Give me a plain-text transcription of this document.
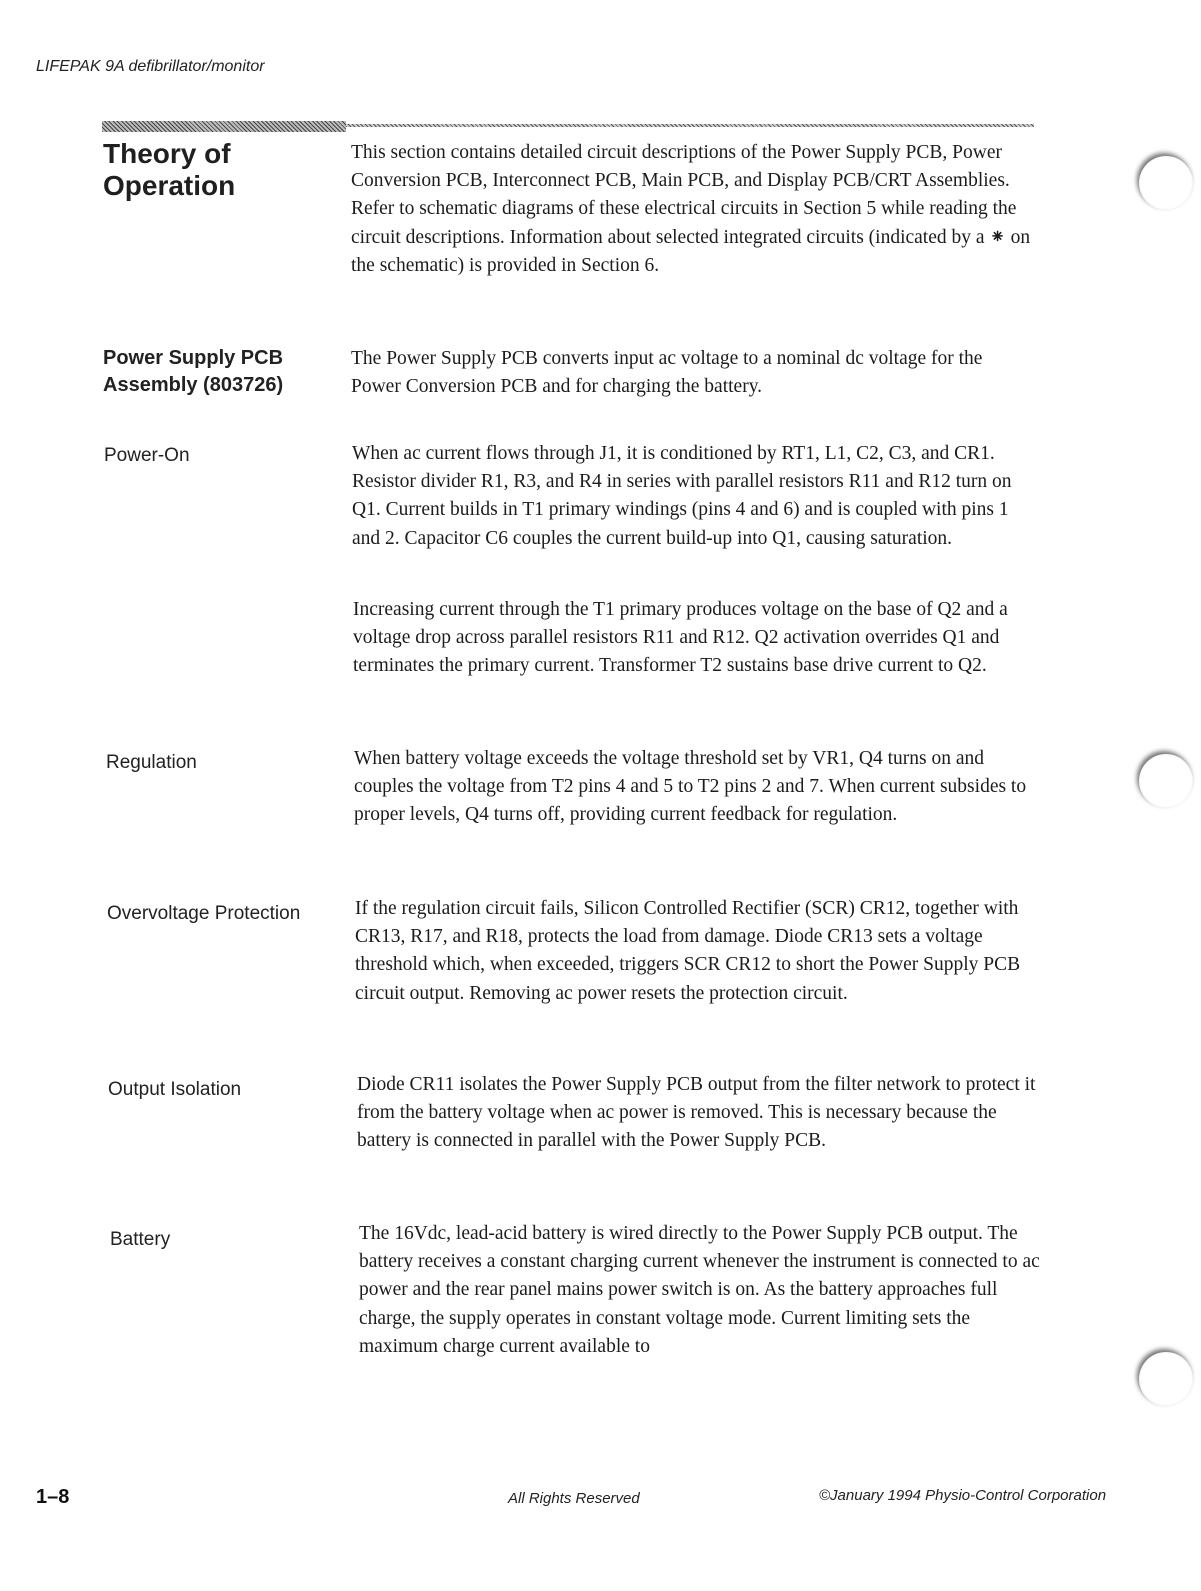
LIFEPAK 9A defibrillator/monitor
Theory of Operation

This section contains detailed circuit descriptions of the Power Supply PCB, Power Conversion PCB, Interconnect PCB, Main PCB, and Display PCB/CRT Assemblies. Refer to schematic diagrams of these electrical circuits in Section 5 while reading the circuit descriptions. Information about selected integrated circuits (indicated by a ⁕ on the schematic) is provided in Section 6.

Power Supply PCB Assembly (803726)

The Power Supply PCB converts input ac voltage to a nominal dc voltage for the Power Conversion PCB and for charging the battery.

Power-On	When ac current flows through J1, it is conditioned by RT1, L1, C2, C3, and CR1. Resistor divider R1, R3, and R4 in series with parallel resistors R11 and R12 turn on Q1. Current builds in T1 primary windings (pins 4 and 6) and is coupled with pins 1 and 2. Capacitor C6 couples the current build-up into Q1, causing saturation.

Increasing current through the T1 primary produces voltage on the base of Q2 and a voltage drop across parallel resistors R11 and R12. Q2 activation overrides Q1 and terminates the primary current. Transformer T2 sustains base drive current to Q2.

Regulation	When battery voltage exceeds the voltage threshold set by VR1, Q4 turns on and couples the voltage from T2 pins 4 and 5 to T2 pins 2 and 7. When current subsides to proper levels, Q4 turns off, providing current feedback for regulation.

Overvoltage Protection	If the regulation circuit fails, Silicon Controlled Rectifier (SCR) CR12, together with CR13, R17, and R18, protects the load from damage. Diode CR13 sets a voltage threshold which, when exceeded, triggers SCR CR12 to short the Power Supply PCB circuit output. Removing ac power resets the protection circuit.

Output Isolation	Diode CR11 isolates the Power Supply PCB output from the filter network to protect it from the battery voltage when ac power is removed. This is necessary because the battery is connected in parallel with the Power Supply PCB.

Battery	The 16Vdc, lead-acid battery is wired directly to the Power Supply PCB output. The battery receives a constant charging current whenever the instrument is connected to ac power and the rear panel mains power switch is on. As the battery approaches full charge, the supply operates in constant voltage mode. Current limiting sets the maximum charge current available to

1–8	All Rights Reserved	©January 1994 Physio-Control Corporation
